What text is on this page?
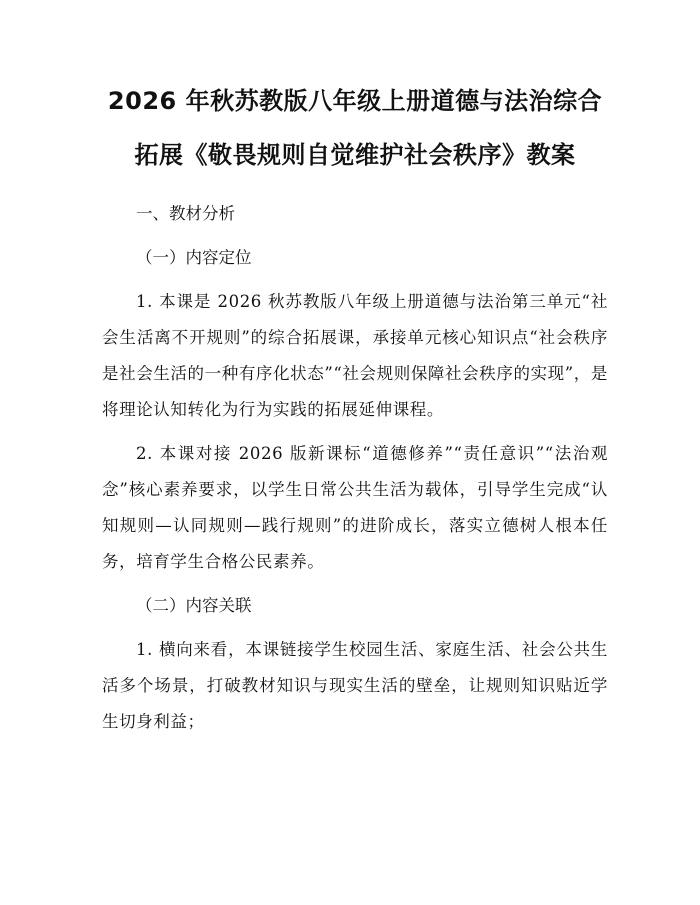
2026 年秋苏教版八年级上册道德与法治综合
拓展《敬畏规则自觉维护社会秩序》教案

一、教材分析

（一）内容定位

1. 本课是 2026 秋苏教版八年级上册道德与法治第三单元“社会生活离不开规则”的综合拓展课，承接单元核心知识点“社会秩序是社会生活的一种有序化状态”“社会规则保障社会秩序的实现”，是将理论认知转化为行为实践的拓展延伸课程。

2. 本课对接 2026 版新课标“道德修养”“责任意识”“法治观念”核心素养要求，以学生日常公共生活为载体，引导学生完成“认知规则—认同规则—践行规则”的进阶成长，落实立德树人根本任务，培育学生合格公民素养。

（二）内容关联

1. 横向来看，本课链接学生校园生活、家庭生活、社会公共生活多个场景，打破教材知识与现实生活的壁垒，让规则知识贴近学生切身利益；
